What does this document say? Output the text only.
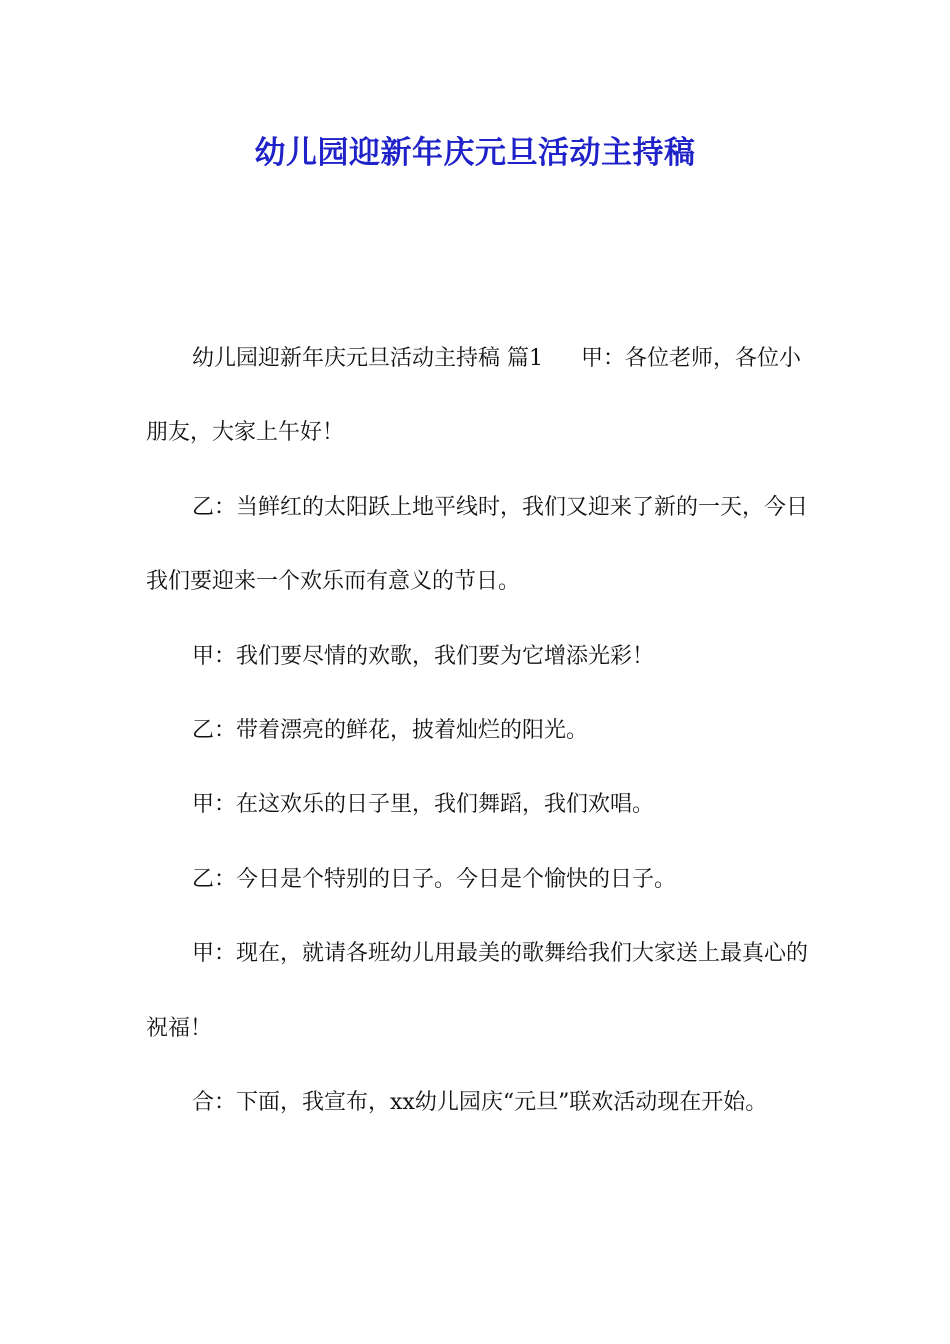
幼儿园迎新年庆元旦活动主持稿

幼儿园迎新年庆元旦活动主持稿 篇1 甲：各位老师，各位小朋友，大家上午好！

乙：当鲜红的太阳跃上地平线时，我们又迎来了新的一天，今日我们要迎来一个欢乐而有意义的节日。

甲：我们要尽情的欢歌，我们要为它增添光彩！

乙：带着漂亮的鲜花，披着灿烂的阳光。

甲：在这欢乐的日子里，我们舞蹈，我们欢唱。

乙：今日是个特别的日子。今日是个愉快的日子。

甲：现在，就请各班幼儿用最美的歌舞给我们大家送上最真心的祝福！

合：下面，我宣布，xx幼儿园庆“元旦”联欢活动现在开始。
